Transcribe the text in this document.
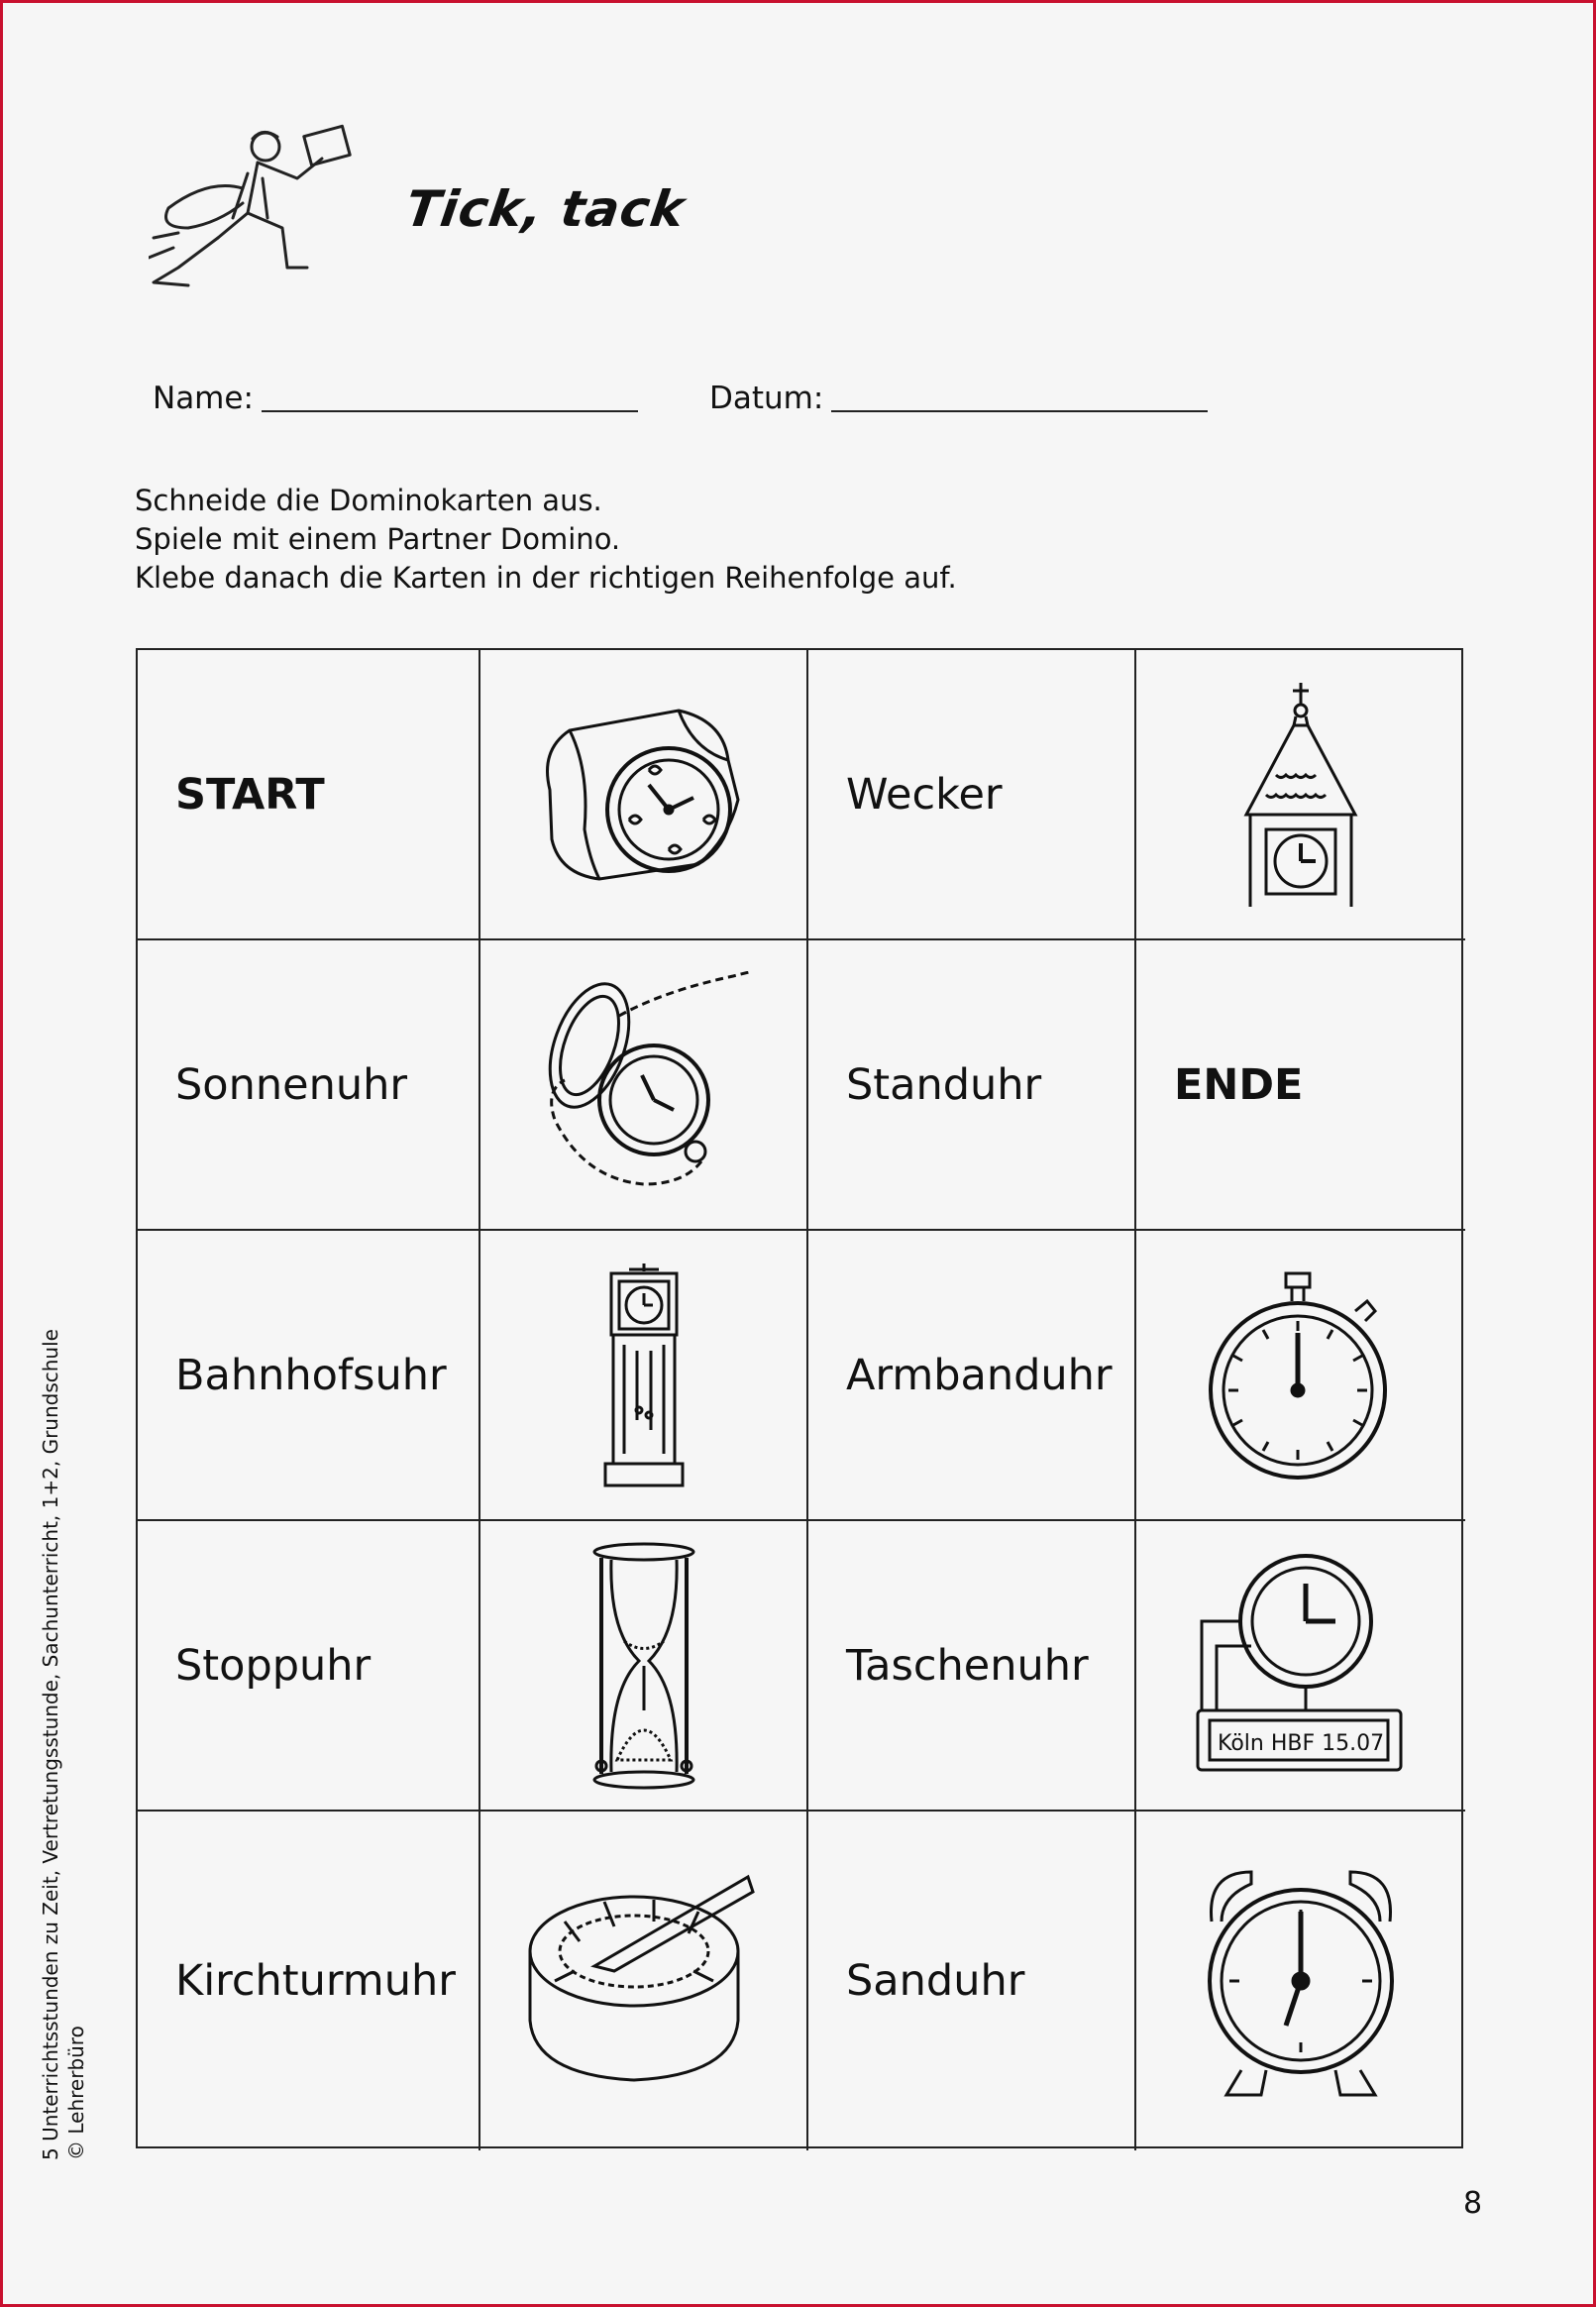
Tick, tack
Name:	Datum:
Schneide die Dominokarten aus.
Spiele mit einem Partner Domino.
Klebe danach die Karten in der richtigen Reihenfolge auf.
START	Wecker
Sonnenuhr	Standuhr	ENDE
Bahnhofsuhr	Armbanduhr
Stoppuhr	Taschenuhr
Köln HBF 15.07
Kirchturmuhr	Sanduhr
5 Unterrichtsstunden zu Zeit, Vertretungsstunde, Sachunterricht, 1+2, Grundschule © Lehrerbüro
8
